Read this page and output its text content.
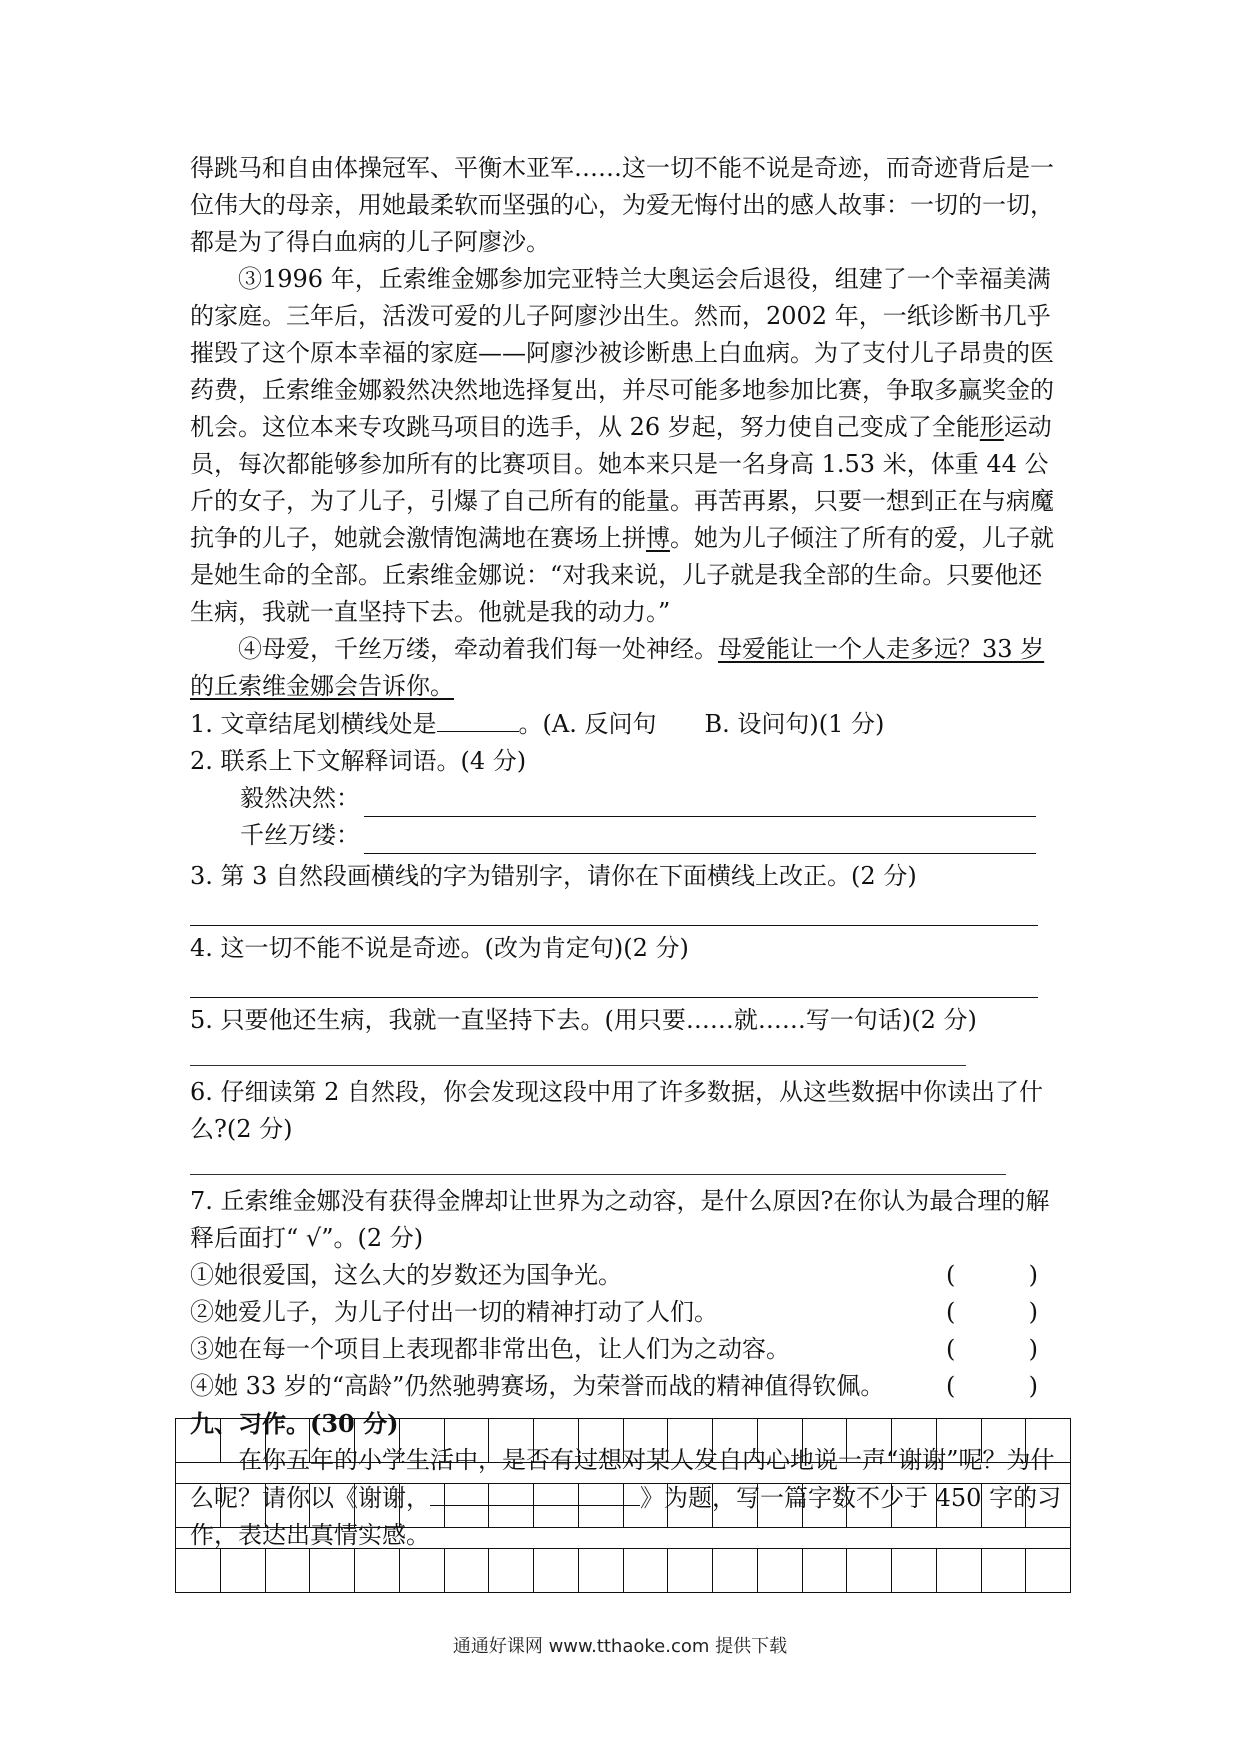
得跳马和自由体操冠军、平衡木亚军……这一切不能不说是奇迹，而奇迹背后是一位伟大的母亲，用她最柔软而坚强的心，为爱无悔付出的感人故事：一切的一切，都是为了得白血病的儿子阿廖沙。

③1996 年，丘索维金娜参加完亚特兰大奥运会后退役，组建了一个幸福美满的家庭。三年后，活泼可爱的儿子阿廖沙出生。然而，2002 年，一纸诊断书几乎摧毁了这个原本幸福的家庭——阿廖沙被诊断患上白血病。为了支付儿子昂贵的医药费，丘索维金娜毅然决然地选择复出，并尽可能多地参加比赛，争取多赢奖金的机会。这位本来专攻跳马项目的选手，从 26 岁起，努力使自己变成了全能形运动员，每次都能够参加所有的比赛项目。她本来只是一名身高 1.53 米，体重 44 公斤的女子，为了儿子，引爆了自己所有的能量。再苦再累，只要一想到正在与病魔抗争的儿子，她就会激情饱满地在赛场上拼博。她为儿子倾注了所有的爱，儿子就是她生命的全部。丘索维金娜说：“对我来说，儿子就是我全部的生命。只要他还生病，我就一直坚持下去。他就是我的动力。”

④母爱，千丝万缕，牵动着我们每一处神经。母爱能让一个人走多远？33 岁的丘索维金娜会告诉你。

1. 文章结尾划横线处是	。(A. 反问句　　B. 设问句)(1 分)

2. 联系上下文解释词语。(4 分)

毅然决然：
千丝万缕：

3. 第 3 自然段画横线的字为错别字，请你在下面横线上改正。(2 分)

4. 这一切不能不说是奇迹。(改为肯定句)(2 分)

5. 只要他还生病，我就一直坚持下去。(用只要……就……写一句话)(2 分)

6. 仔细读第 2 自然段，你会发现这段中用了许多数据，从这些数据中你读出了什么?(2 分)

7. 丘索维金娜没有获得金牌却让世界为之动容，是什么原因?在你认为最合理的解释后面打“ √”。(2 分)

①她很爱国，这么大的岁数还为国争光。	(	)
②她爱儿子，为儿子付出一切的精神打动了人们。	(	)
③她在每一个项目上表现都非常出色，让人们为之动容。	(	)
④她 33 岁的“高龄”仍然驰骋赛场，为荣誉而战的精神值得钦佩。	(	)

九、习作。(30 分)

在你五年的小学生活中，是否有过想对某人发自内心地说一声“谢谢”呢？为什么呢？请你以《谢谢，	》为题，写一篇字数不少于 450 字的习作，表达出真情实感。

通通好课网 www.tthaoke.com 提供下载
